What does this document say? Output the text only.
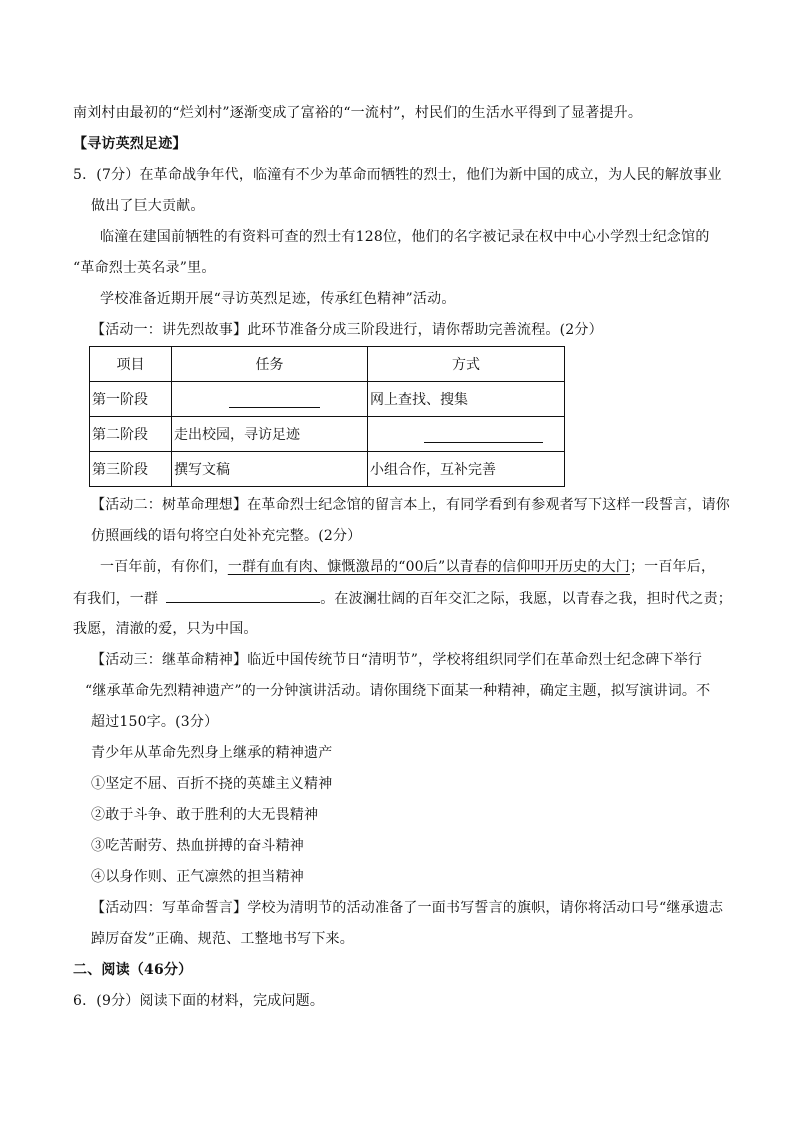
南刘村由最初的“烂刘村”逐渐变成了富裕的“一流村”，村民们的生活水平得到了显著提升。
【寻访英烈足迹】
5．(7分）在革命战争年代，临潼有不少为革命而牺牲的烈士，他们为新中国的成立，为人民的解放事业
做出了巨大贡献。
临潼在建国前牺牲的有资料可查的烈士有128位，他们的名字被记录在权中中心小学烈士纪念馆的
“革命烈士英名录”里。
学校准备近期开展“寻访英烈足迹，传承红色精神”活动。
【活动一：讲先烈故事】此环节准备分成三阶段进行，请你帮助完善流程。(2分）
项目	任务	方式
第一阶段		网上查找、搜集
第二阶段	走出校园，寻访足迹	

第三阶段	撰写文稿	小组合作，互补完善
【活动二：树革命理想】在革命烈士纪念馆的留言本上，有同学看到有参观者写下这样一段誓言，请你
仿照画线的语句将空白处补充完整。(2分）
一百年前，有你们，一群有血有肉、慷慨激昂的“00后”以青春的信仰叩开历史的大门；一百年后，
有我们，一群	。在波澜壮阔的百年交汇之际，我愿，以青春之我，担时代之责；
我愿，清澈的爱，只为中国。
【活动三：继革命精神】临近中国传统节日“清明节”，学校将组织同学们在革命烈士纪念碑下举行
“继承革命先烈精神遗产”的一分钟演讲活动。请你围绕下面某一种精神，确定主题，拟写演讲词。不
超过150字。(3分）
青少年从革命先烈身上继承的精神遗产
①坚定不屈、百折不挠的英雄主义精神
②敢于斗争、敢于胜利的大无畏精神
③吃苦耐劳、热血拼搏的奋斗精神
④以身作则、正气凛然的担当精神
【活动四：写革命誓言】学校为清明节的活动准备了一面书写誓言的旗帜，请你将活动口号“继承遗志
踔厉奋发”正确、规范、工整地书写下来。
二、阅读（46分）
6．(9分）阅读下面的材料，完成问题。
